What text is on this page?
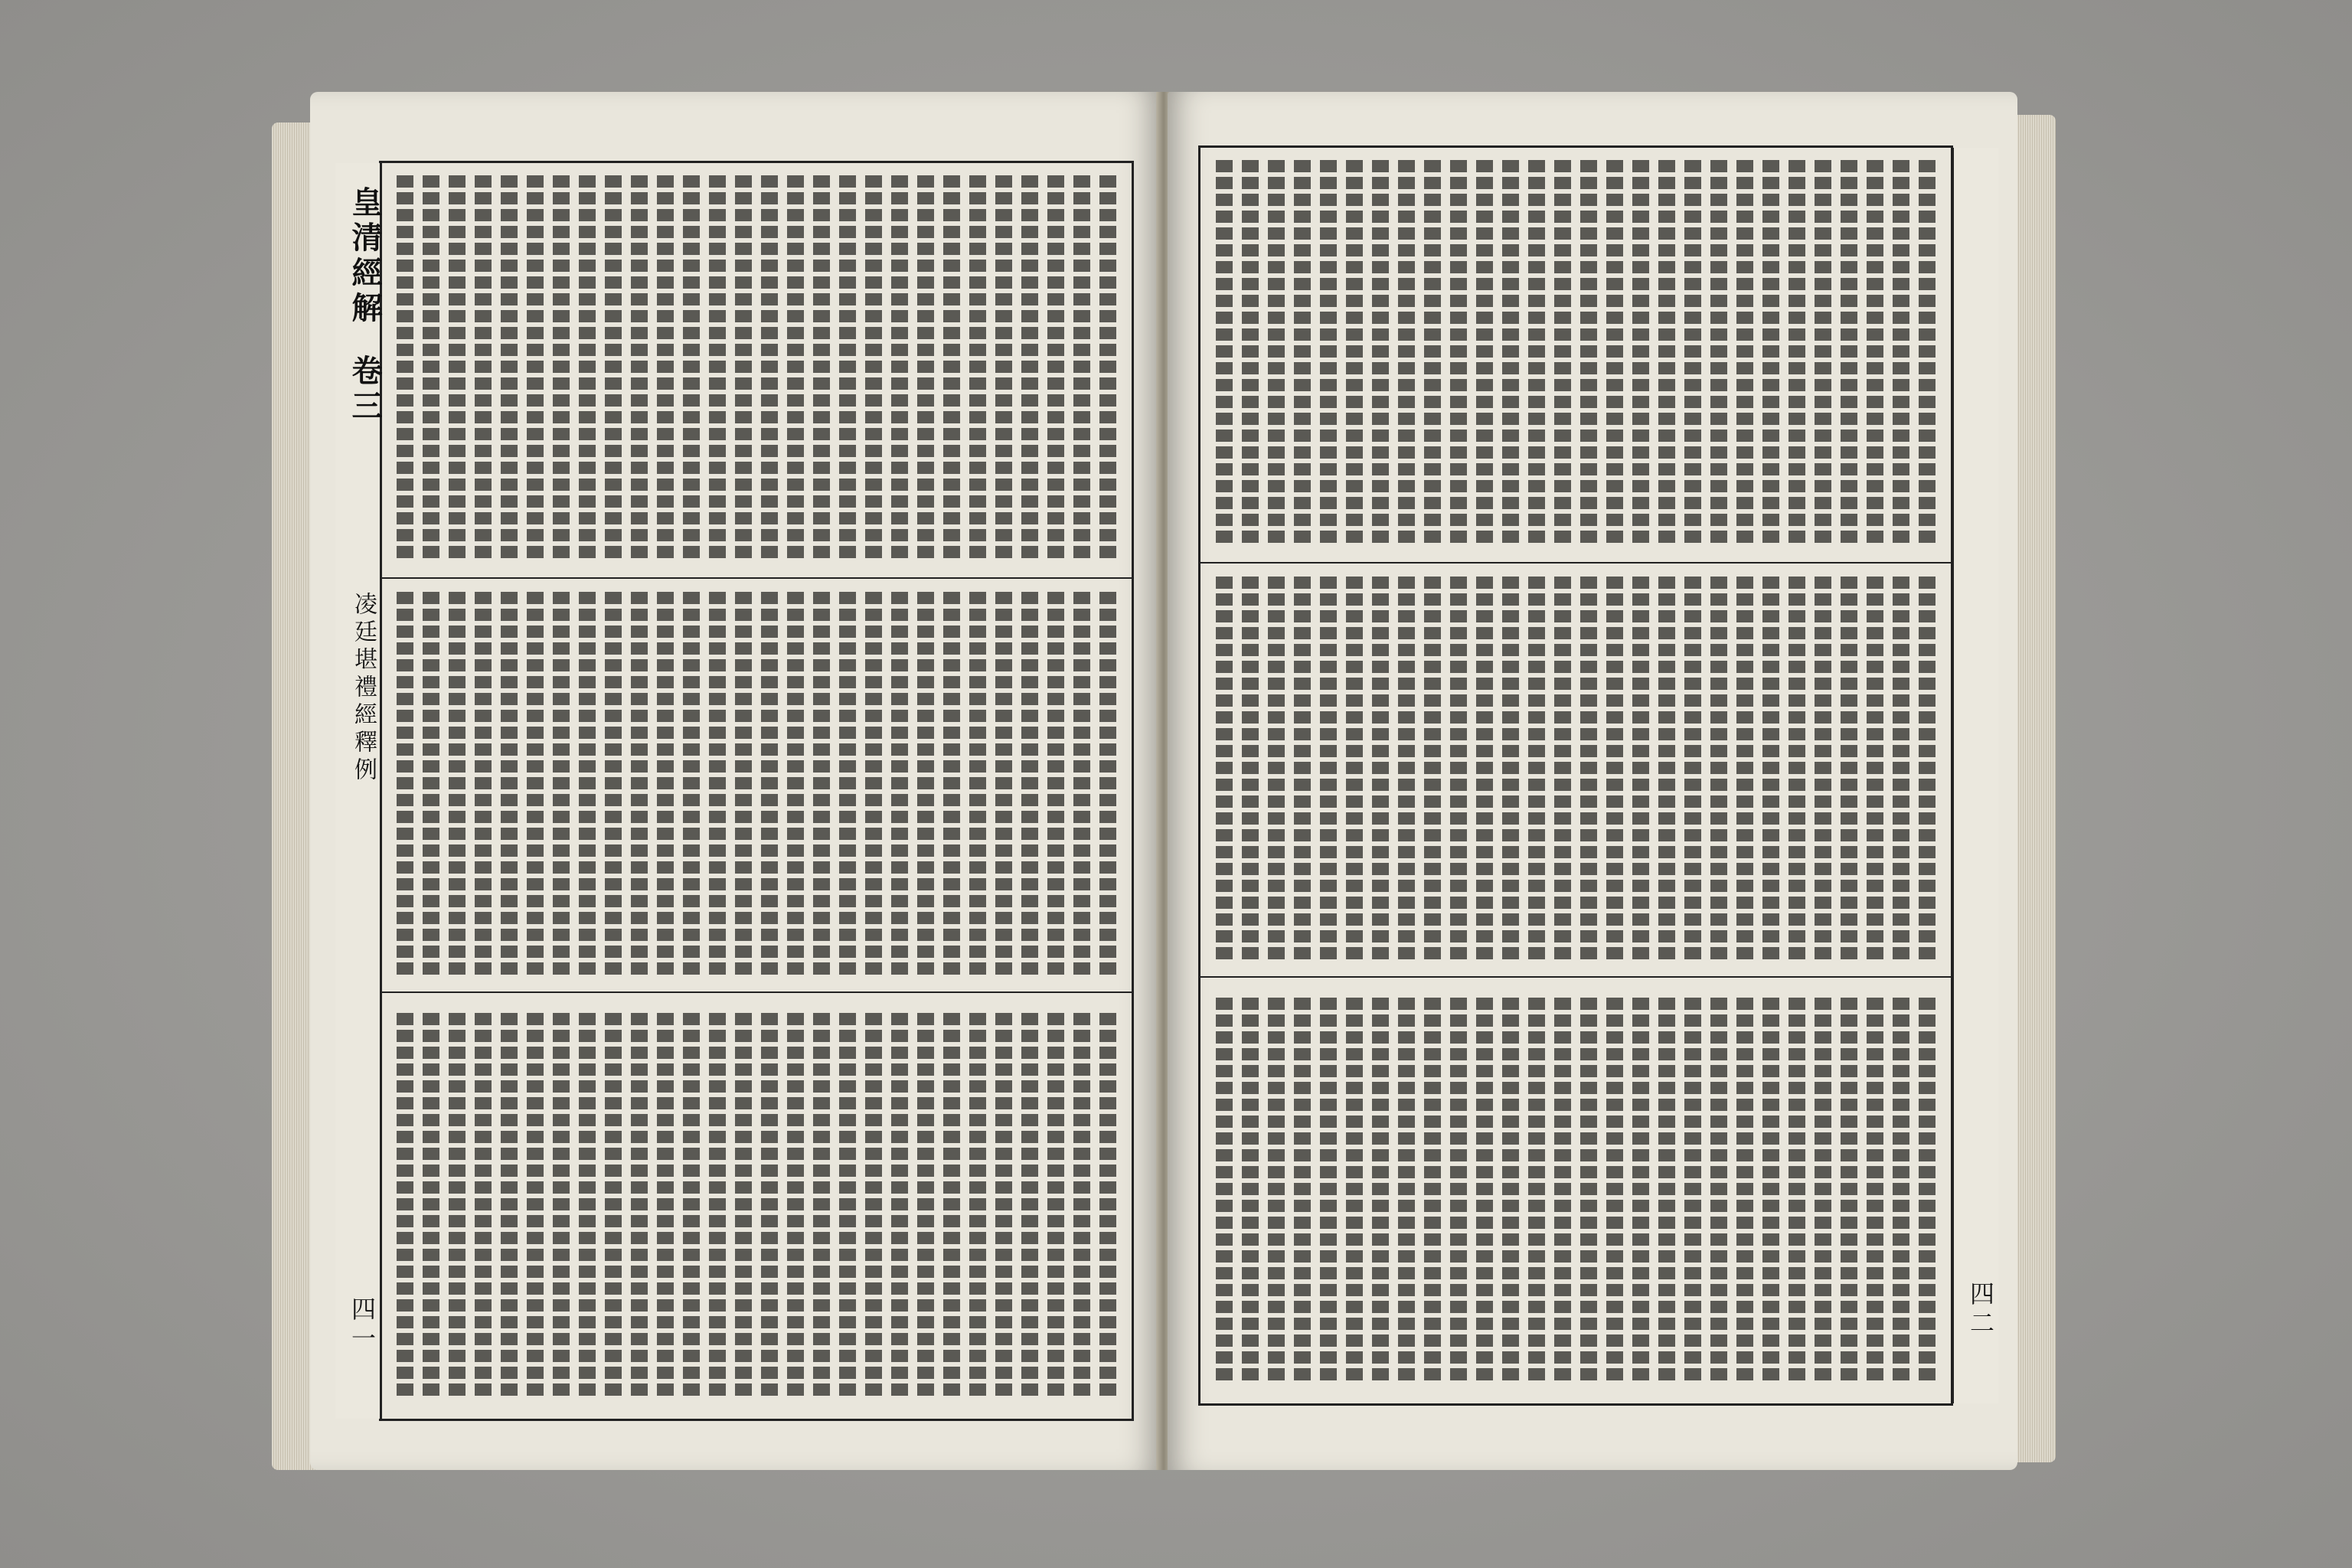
皇清經解
卷三
凌廷堪禮經釋例
四一	四二
